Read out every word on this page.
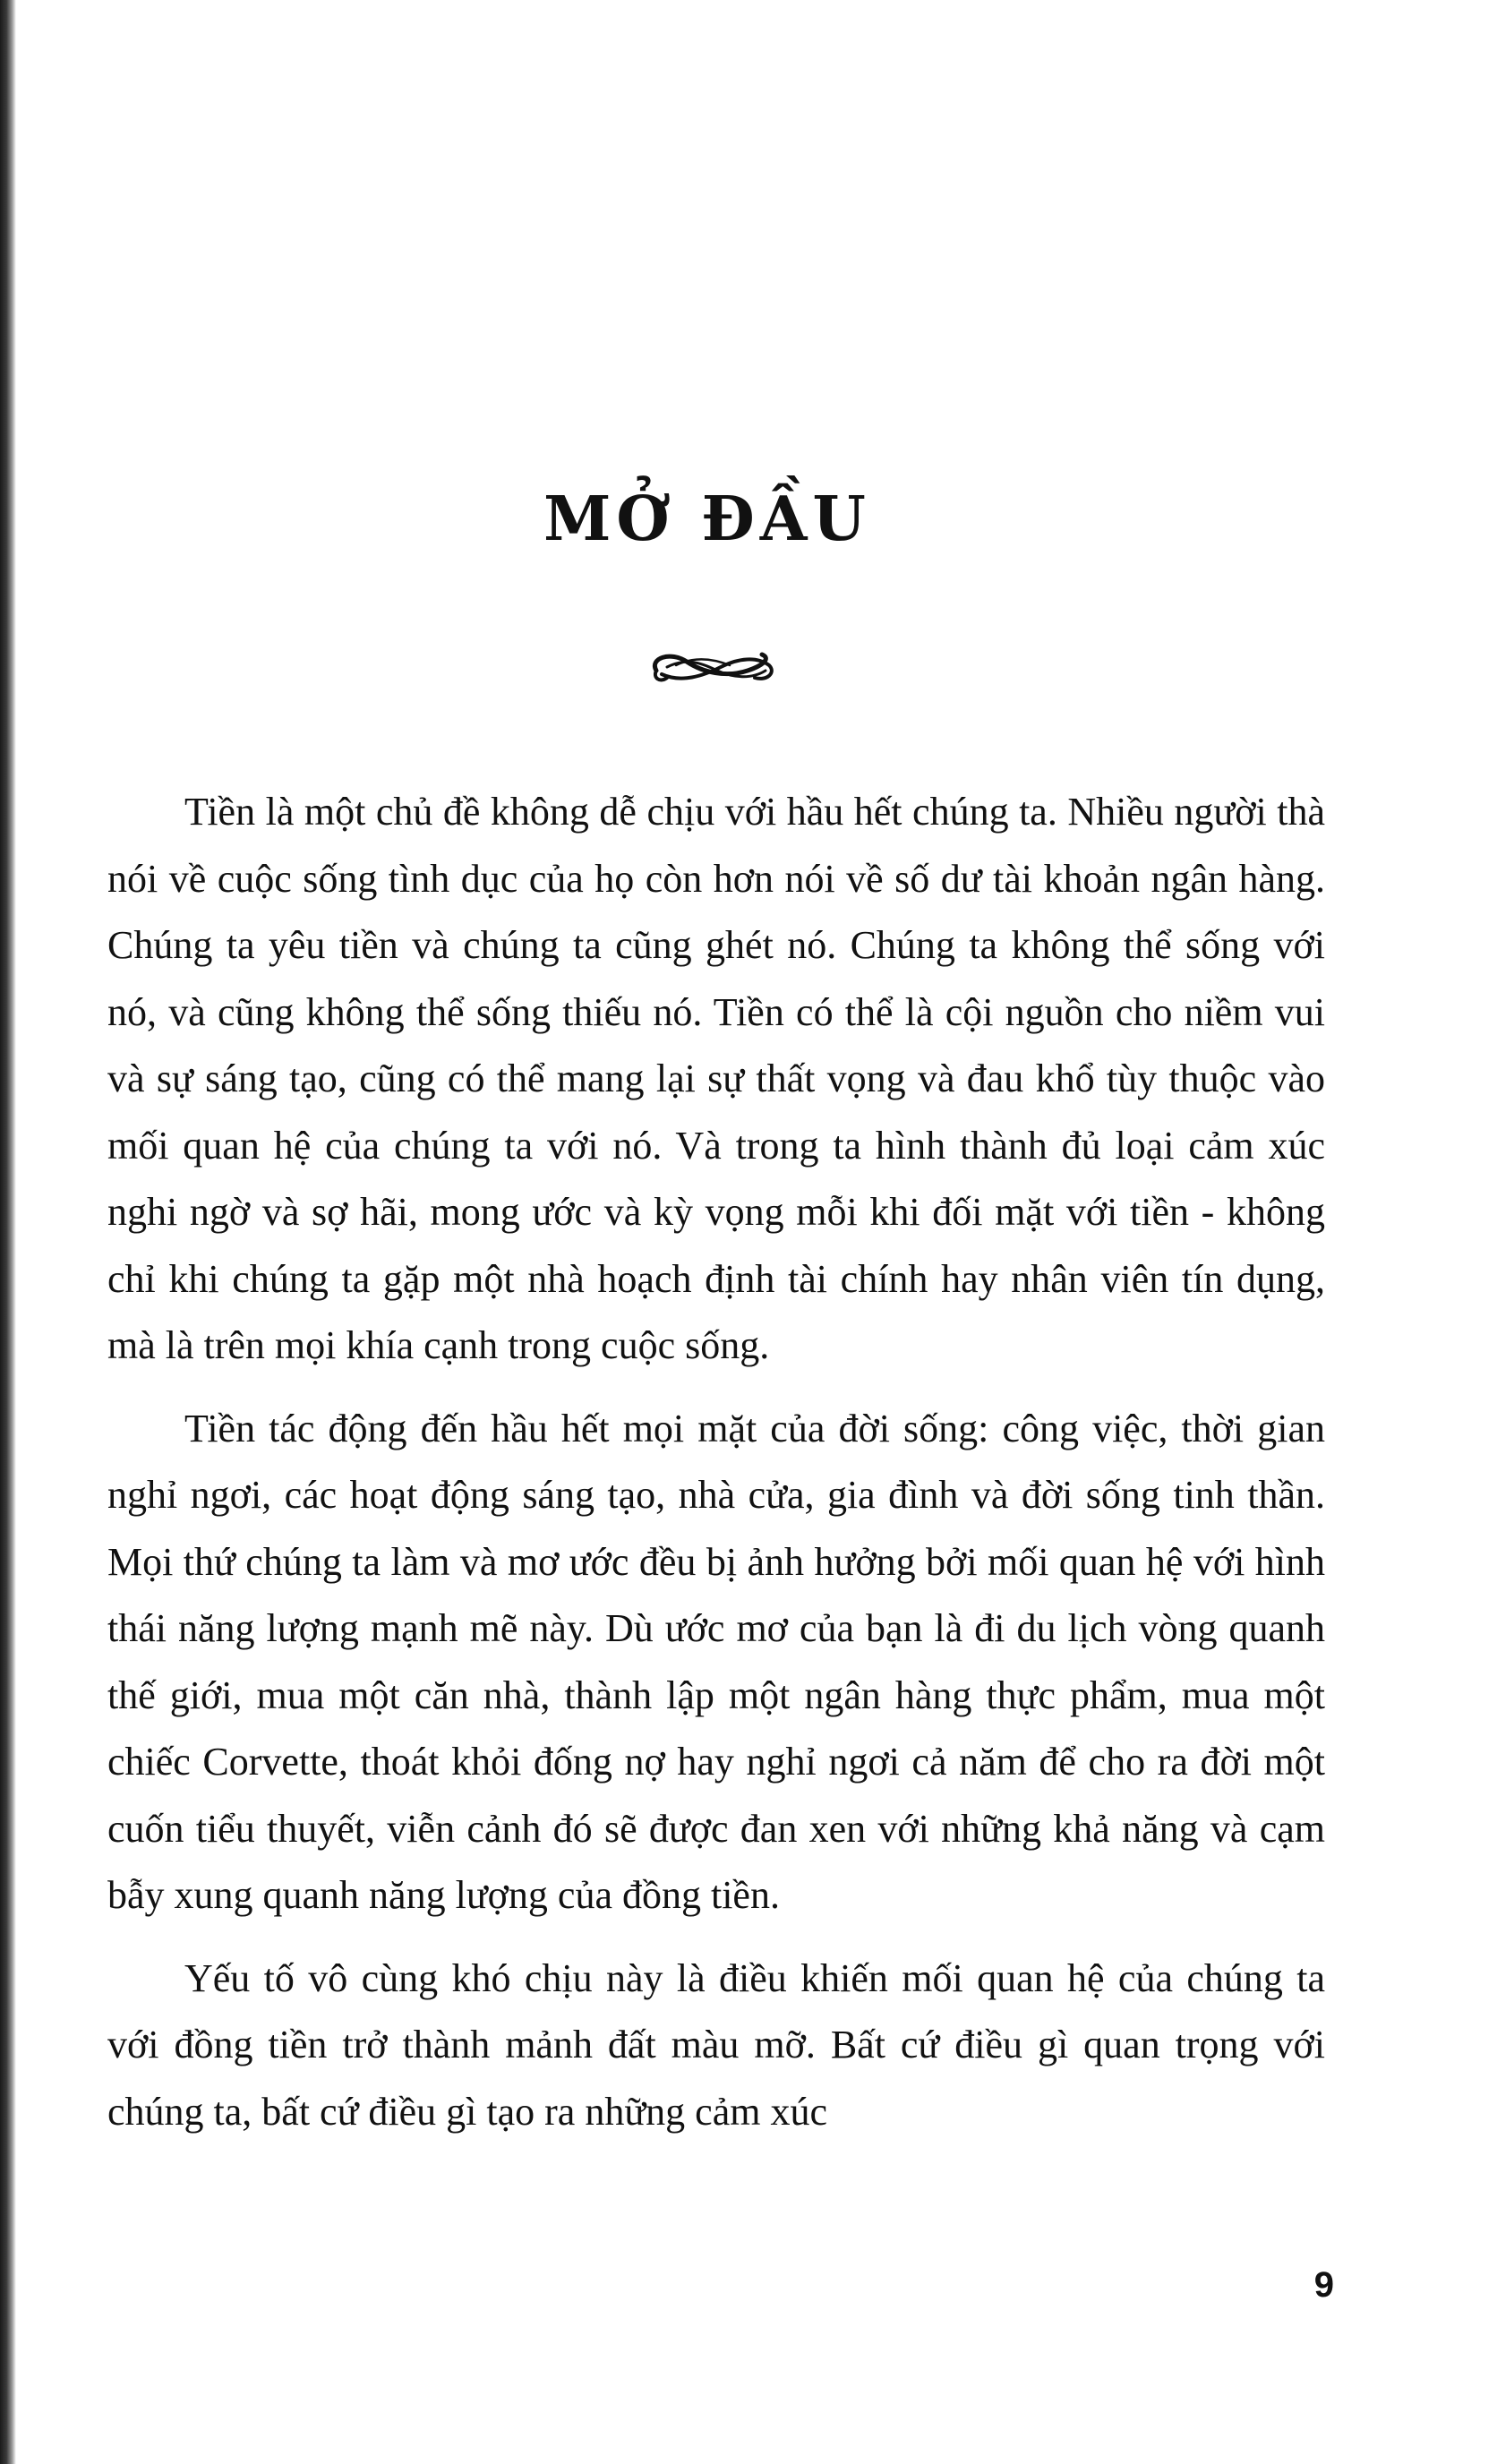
MỞ ĐẦU

Tiền là một chủ đề không dễ chịu với hầu hết chúng ta. Nhiều người thà nói về cuộc sống tình dục của họ còn hơn nói về số dư tài khoản ngân hàng. Chúng ta yêu tiền và chúng ta cũng ghét nó. Chúng ta không thể sống với nó, và cũng không thể sống thiếu nó. Tiền có thể là cội nguồn cho niềm vui và sự sáng tạo, cũng có thể mang lại sự thất vọng và đau khổ tùy thuộc vào mối quan hệ của chúng ta với nó. Và trong ta hình thành đủ loại cảm xúc nghi ngờ và sợ hãi, mong ước và kỳ vọng mỗi khi đối mặt với tiền - không chỉ khi chúng ta gặp một nhà hoạch định tài chính hay nhân viên tín dụng, mà là trên mọi khía cạnh trong cuộc sống.

Tiền tác động đến hầu hết mọi mặt của đời sống: công việc, thời gian nghỉ ngơi, các hoạt động sáng tạo, nhà cửa, gia đình và đời sống tinh thần. Mọi thứ chúng ta làm và mơ ước đều bị ảnh hưởng bởi mối quan hệ với hình thái năng lượng mạnh mẽ này. Dù ước mơ của bạn là đi du lịch vòng quanh thế giới, mua một căn nhà, thành lập một ngân hàng thực phẩm, mua một chiếc Corvette, thoát khỏi đống nợ hay nghỉ ngơi cả năm để cho ra đời một cuốn tiểu thuyết, viễn cảnh đó sẽ được đan xen với những khả năng và cạm bẫy xung quanh năng lượng của đồng tiền.

Yếu tố vô cùng khó chịu này là điều khiến mối quan hệ của chúng ta với đồng tiền trở thành mảnh đất màu mỡ. Bất cứ điều gì quan trọng với chúng ta, bất cứ điều gì tạo ra những cảm xúc

9
